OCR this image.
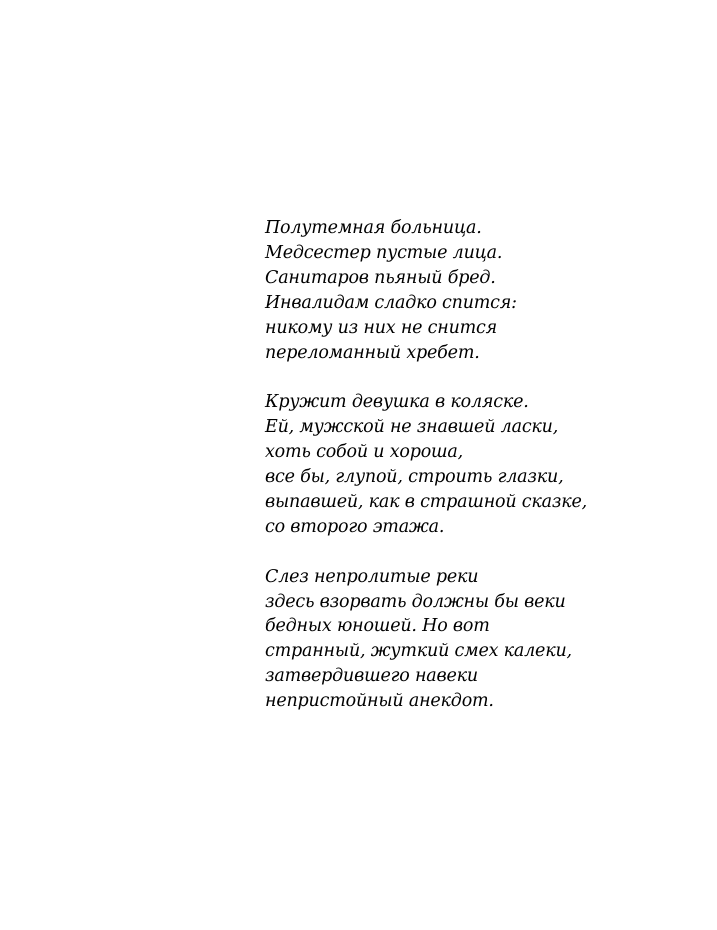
Полутемная больница.
Медсестер пустые лица.
Санитаров пьяный бред.
Инвалидам сладко спится:
никому из них не снится
переломанный хребет.
Кружит девушка в коляске.
Ей, мужской не знавшей ласки,
хоть собой и хороша,
все бы, глупой, строить глазки,
выпавшей, как в страшной сказке,
со второго этажа.
Слез непролитые реки
здесь взорвать должны бы веки
бедных юношей. Но вот
странный, жуткий смех калеки,
затвердившего навеки
непристойный анекдот.
